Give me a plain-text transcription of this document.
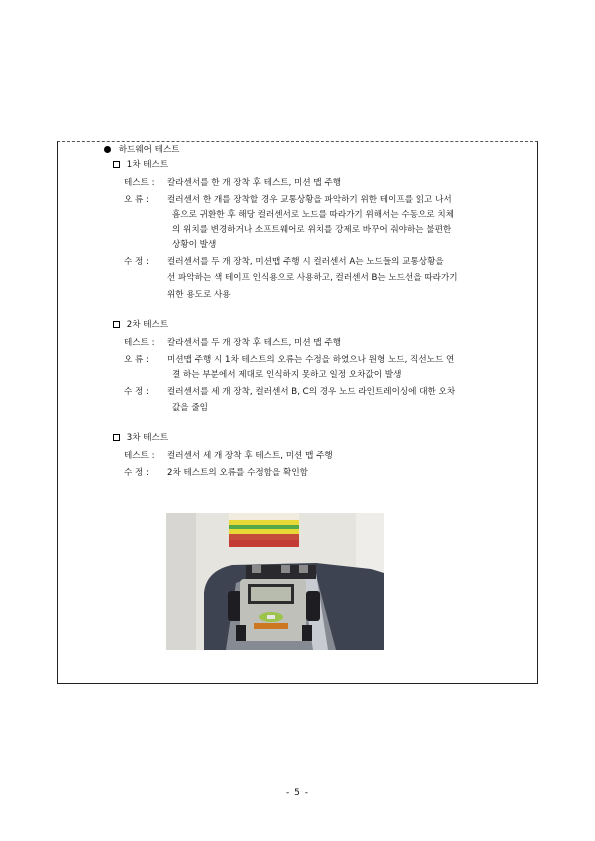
하드웨어 테스트
1차 테스트
테스트 : 칼라센서를 한 개 장착 후 테스트, 미션 맵 주행
오 류 : 컬러센서 한 개를 장착할 경우 교통상황을 파악하기 위한 테이프를 읽고 나서
흠으로 귀환한 후 해당 컬러센서로 노드를 따라가기 위해서는 수동으로 치체
의 위치를 변경하거나 소프트웨어로 위치를 강제로 바꾸어 줘야하는 불편한
상황이 발생
수 정 : 컬러센서를 두 개 장착, 미션맵 주행 시 컬러센서 A는 노드들의 교통상황을
선 파악하는 색 테이프 인식용으로 사용하고, 컬러센서 B는 노드선을 따라가기
위한 용도로 사용
2차 테스트
테스트 : 칼라센서를 두 개 장착 후 테스트, 미션 맵 주행
오 류 : 미션맵 주행 시 1차 테스트의 오류는 수정을 하였으나 원형 노드, 직선노드 연
결 하는 부분에서 제대로 인식하지 못하고 일정 오차값이 발생
수 정 : 컬러센서를 세 개 장착, 컬러센서 B, C의 경우 노드 라인트레이싱에 대한 오차
값을 줄임
3차 테스트
테스트 : 컬러센서 세 개 장착 후 테스트, 미션 맵 주행
수 정 : 2차 테스트의 오류를 수정함을 확인함
- 5 -
